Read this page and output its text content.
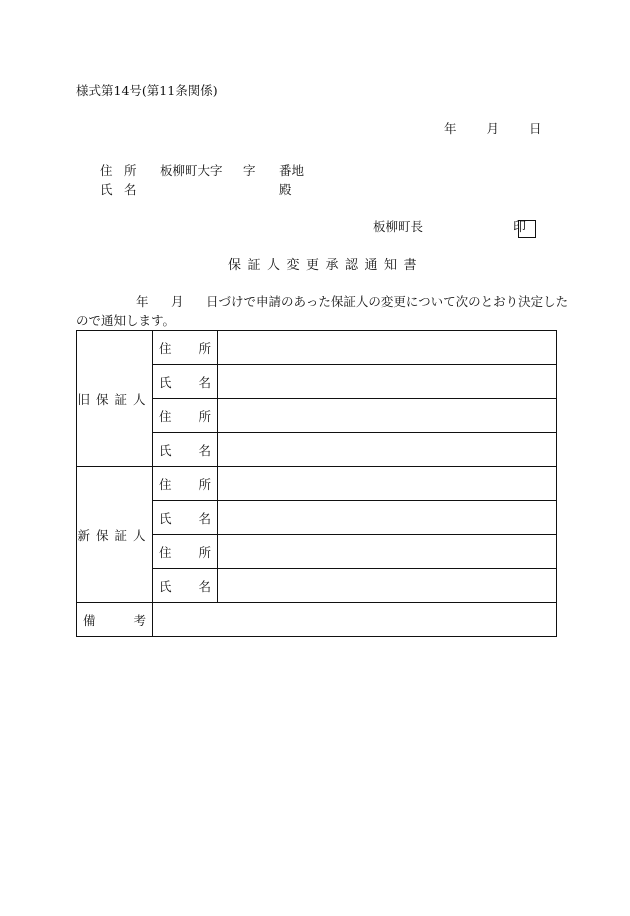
様式第14号(第11条関係)
年 月 日
住 所 板柳町大字 字 番地
氏 名	殿
板柳町長	印
保証人変更承認通知書
年 月 日づけで申請のあった保証人の変更について次のとおり決定した
ので通知します。
旧保証人	住 所	

	氏 名	

	住 所	

	氏 名	

新保証人	住 所	

	氏 名	

	住 所	

	氏 名	

備 考		
